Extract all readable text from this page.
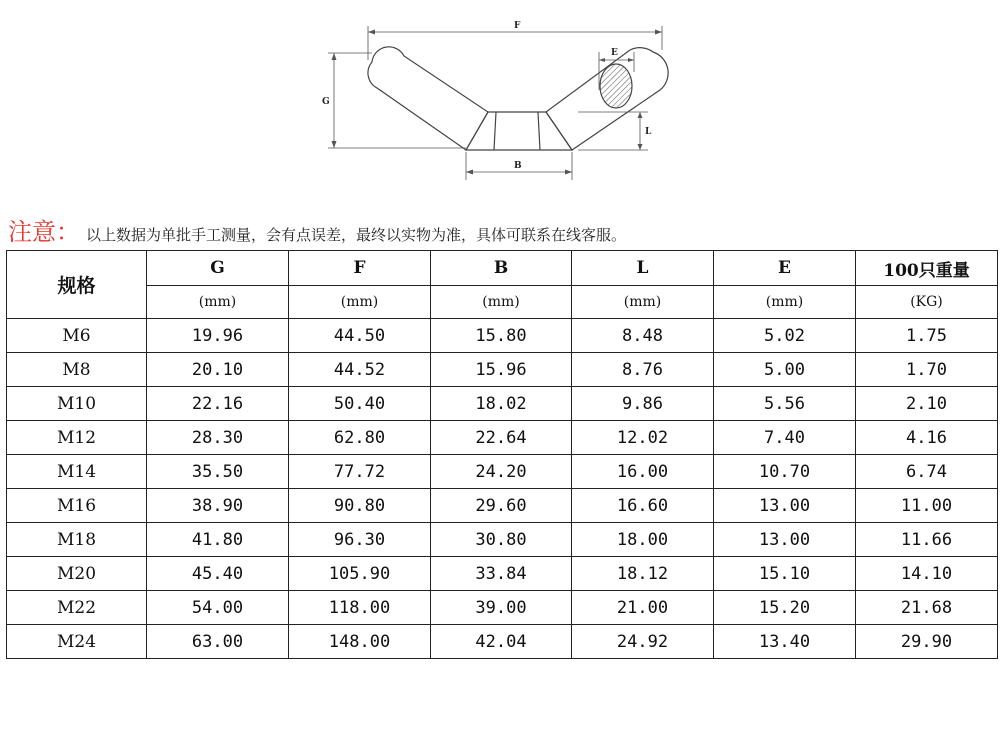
F
E
G
L
B
注意： 以上数据为单批手工测量，会有点误差，最终以实物为准，具体可联系在线客服。
规格	G	F	B	L	E	100只重量
	(mm)	(mm)	(mm)	(mm)	(mm)	(KG)
M6	19.96	44.50	15.80	8.48	5.02	1.75
M8	20.10	44.52	15.96	8.76	5.00	1.70
M10	22.16	50.40	18.02	9.86	5.56	2.10
M12	28.30	62.80	22.64	12.02	7.40	4.16
M14	35.50	77.72	24.20	16.00	10.70	6.74
M16	38.90	90.80	29.60	16.60	13.00	11.00
M18	41.80	96.30	30.80	18.00	13.00	11.66
M20	45.40	105.90	33.84	18.12	15.10	14.10
M22	54.00	118.00	39.00	21.00	15.20	21.68
M24	63.00	148.00	42.04	24.92	13.40	29.90
